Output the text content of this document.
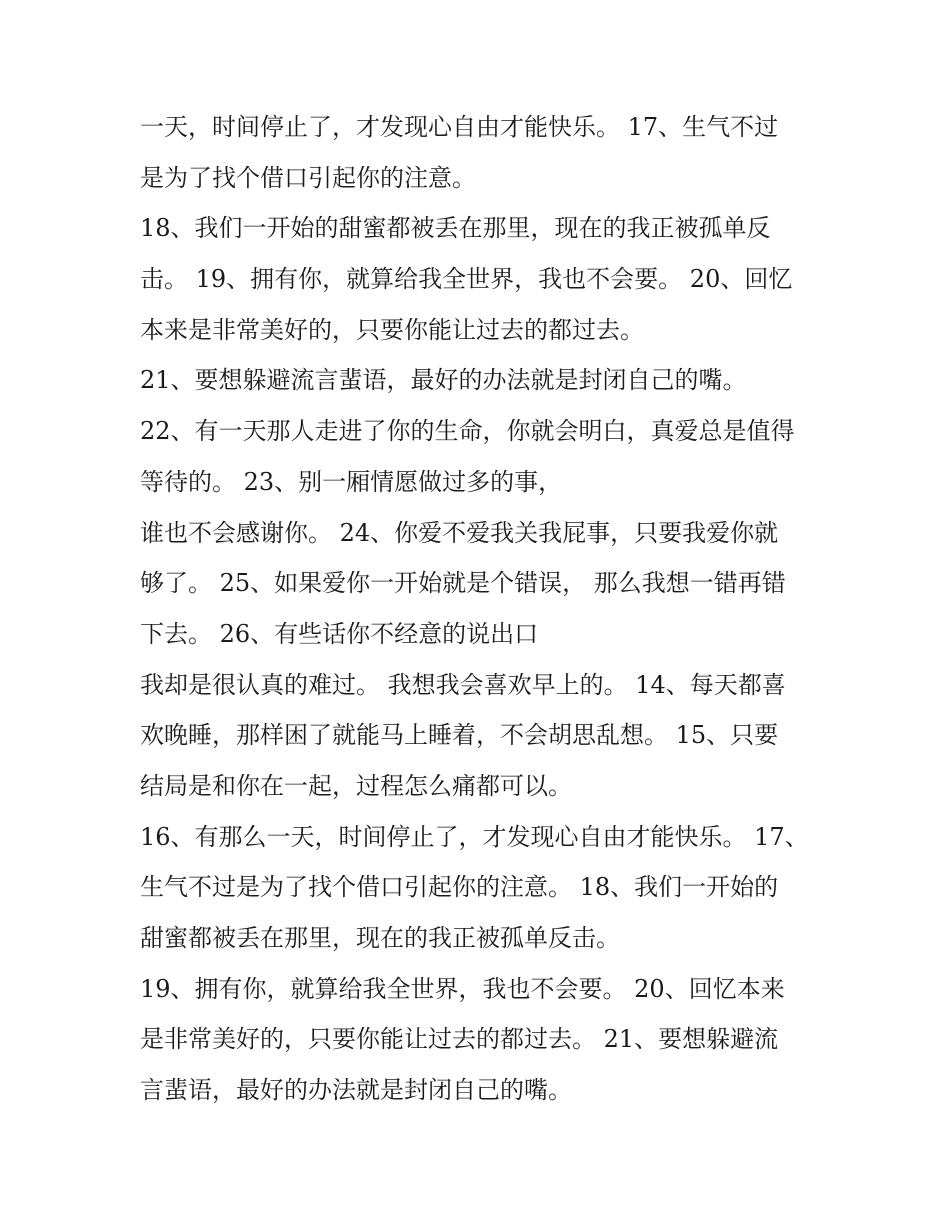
一天，时间停止了，才发现心自由才能快乐。 17、生气不过
是为了找个借口引起你的注意。
18、我们一开始的甜蜜都被丢在那里，现在的我正被孤单反
击。 19、拥有你，就算给我全世界，我也不会要。 20、回忆
本来是非常美好的，只要你能让过去的都过去。
21、要想躲避流言蜚语，最好的办法就是封闭自己的嘴。
22、有一天那人走进了你的生命，你就会明白，真爱总是值得
等待的。 23、别一厢情愿做过多的事，
谁也不会感谢你。 24、你爱不爱我关我屁事，只要我爱你就
够了。 25、如果爱你一开始就是个错误， 那么我想一错再错
下去。 26、有些话你不经意的说出口
我却是很认真的难过。 我想我会喜欢早上的。 14、每天都喜
欢晚睡，那样困了就能马上睡着，不会胡思乱想。 15、只要
结局是和你在一起，过程怎么痛都可以。
16、有那么一天，时间停止了，才发现心自由才能快乐。 17、
生气不过是为了找个借口引起你的注意。 18、我们一开始的
甜蜜都被丢在那里，现在的我正被孤单反击。
19、拥有你，就算给我全世界，我也不会要。 20、回忆本来
是非常美好的，只要你能让过去的都过去。 21、要想躲避流
言蜚语，最好的办法就是封闭自己的嘴。
